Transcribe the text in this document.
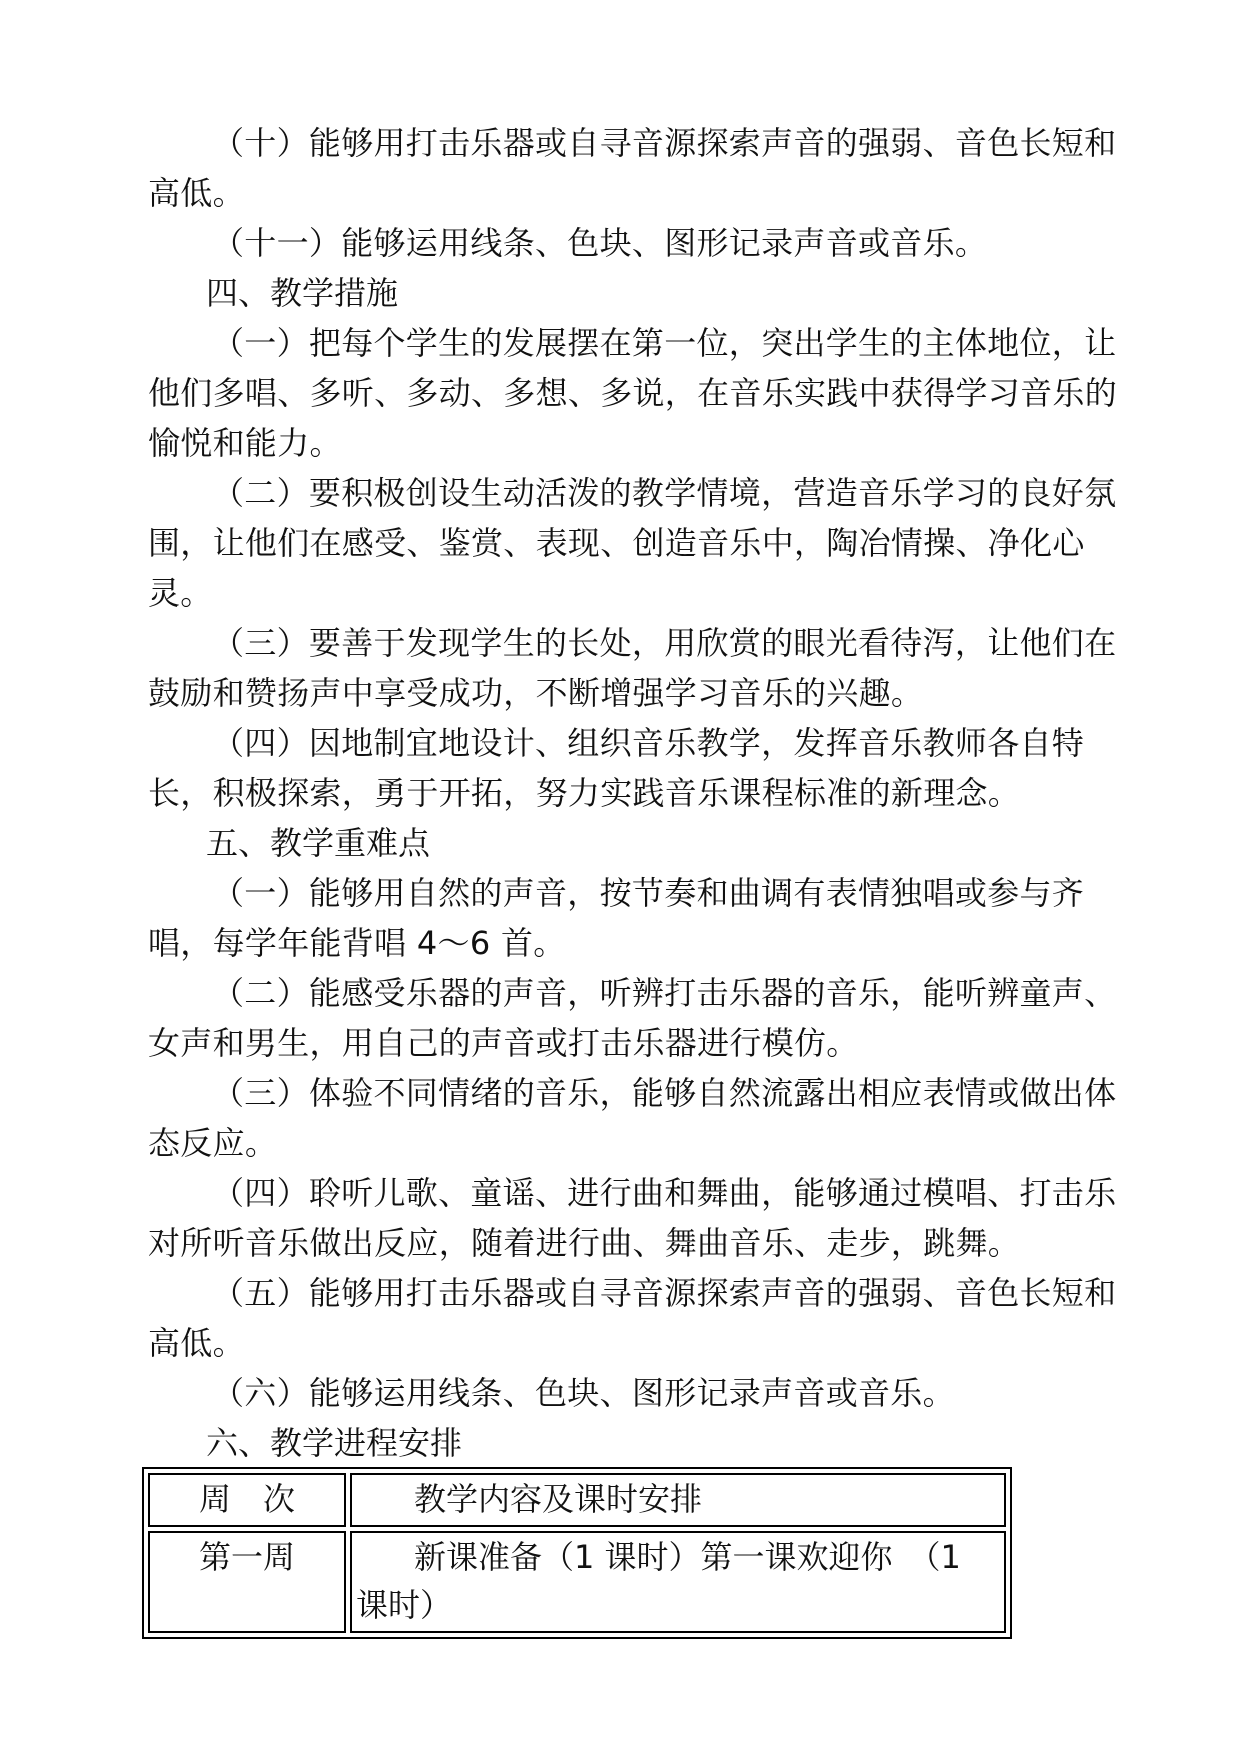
（十）能够用打击乐器或自寻音源探索声音的强弱、音色长短和高低。

（十一）能够运用线条、色块、图形记录声音或音乐。

四、教学措施

（一）把每个学生的发展摆在第一位，突出学生的主体地位，让他们多唱、多听、多动、多想、多说，在音乐实践中获得学习音乐的愉悦和能力。

（二）要积极创设生动活泼的教学情境，营造音乐学习的良好氛围，让他们在感受、鉴赏、表现、创造音乐中，陶冶情操、净化心灵。

（三）要善于发现学生的长处，用欣赏的眼光看待泻，让他们在鼓励和赞扬声中享受成功，不断增强学习音乐的兴趣。

（四）因地制宜地设计、组织音乐教学，发挥音乐教师各自特长，积极探索，勇于开拓，努力实践音乐课程标准的新理念。

五、教学重难点

（一）能够用自然的声音，按节奏和曲调有表情独唱或参与齐唱，每学年能背唱 4～6 首。

（二）能感受乐器的声音，听辨打击乐器的音乐，能听辨童声、女声和男生，用自己的声音或打击乐器进行模仿。

（三）体验不同情绪的音乐，能够自然流露出相应表情或做出体态反应。

（四）聆听儿歌、童谣、进行曲和舞曲，能够通过模唱、打击乐对所听音乐做出反应，随着进行曲、舞曲音乐、走步，跳舞。

（五）能够用打击乐器或自寻音源探索声音的强弱、音色长短和高低。

（六）能够运用线条、色块、图形记录声音或音乐。

六、教学进程安排

周　次	教学内容及课时安排
第一周	新课准备（1 课时）第一课欢迎你　（1 课时）
